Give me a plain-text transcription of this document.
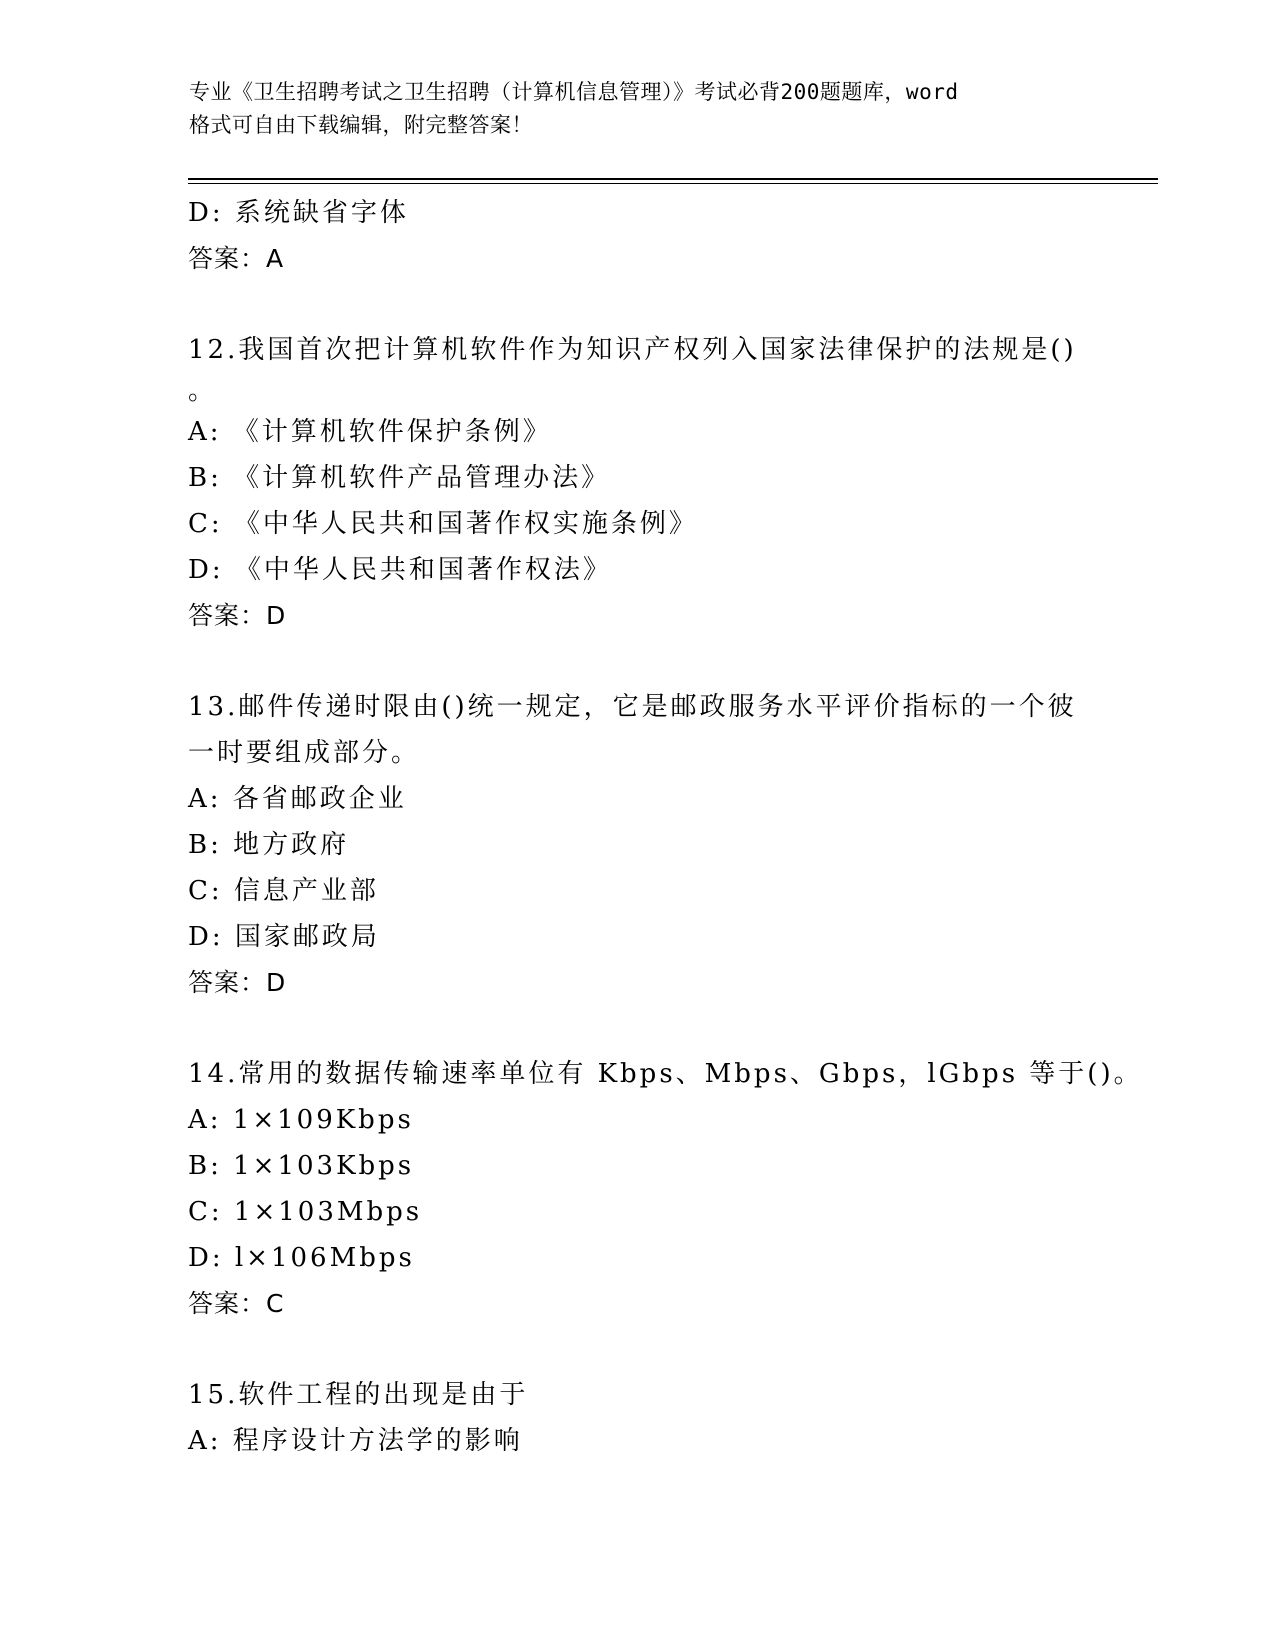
专业《卫生招聘考试之卫生招聘（计算机信息管理）》考试必背200题题库，word
格式可自由下载编辑，附完整答案！
D: 系统缺省字体
答案：A
12.我国首次把计算机软件作为知识产权列入国家法律保护的法规是()
。
A: 《计算机软件保护条例》
B: 《计算机软件产品管理办法》
C: 《中华人民共和国著作权实施条例》
D: 《中华人民共和国著作权法》
答案：D
13.邮件传递时限由()统一规定，它是邮政服务水平评价指标的一个彼
一时要组成部分。
A: 各省邮政企业
B: 地方政府
C: 信息产业部
D: 国家邮政局
答案：D
14.常用的数据传输速率单位有 Kbps、Mbps、Gbps，lGbps 等于()。
A: 1×109Kbps
B: 1×103Kbps
C: 1×103Mbps
D: l×106Mbps
答案：C
15.软件工程的出现是由于
A: 程序设计方法学的影响
